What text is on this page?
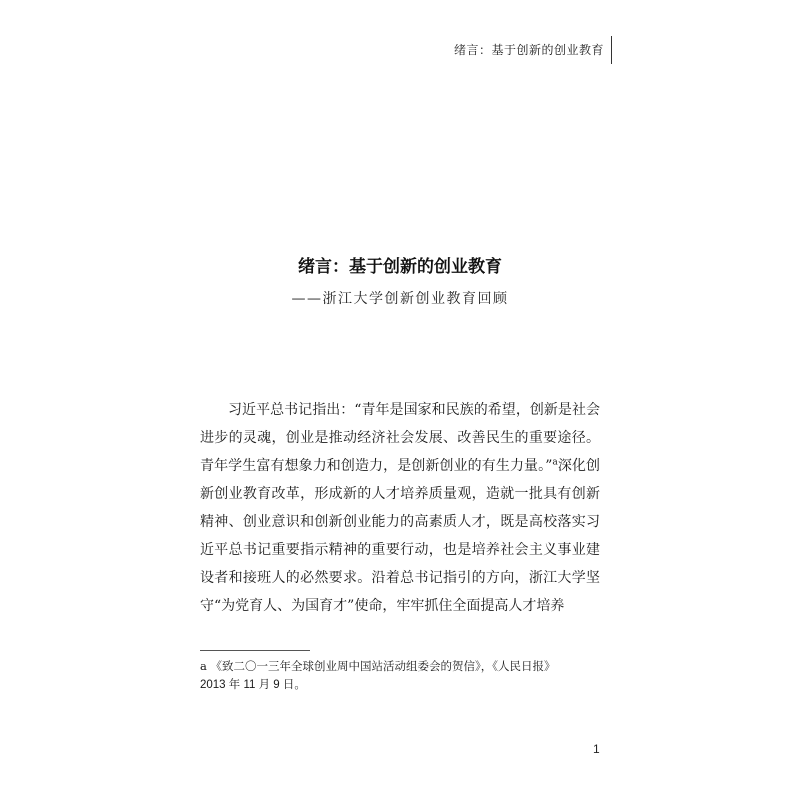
绪言：基于创新的创业教育
绪言：基于创新的创业教育
——浙江大学创新创业教育回顾

习近平总书记指出：“青年是国家和民族的希望，创新是社会进步的灵魂，创业是推动经济社会发展、改善民生的重要途径。青年学生富有想象力和创造力，是创新创业的有生力量。”$^a$深化创新创业教育改革，形成新的人才培养质量观，造就一批具有创新精神、创业意识和创新创业能力的高素质人才，既是高校落实习近平总书记重要指示精神的重要行动，也是培养社会主义事业建设者和接班人的必然要求。沿着总书记指引的方向，浙江大学坚守“为党育人、为国育才”使命，牢牢抓住全面提高人才培养

a 《致二〇一三年全球创业周中国站活动组委会的贺信》，《人民日报》
2013 年 11 月 9 日。

1
